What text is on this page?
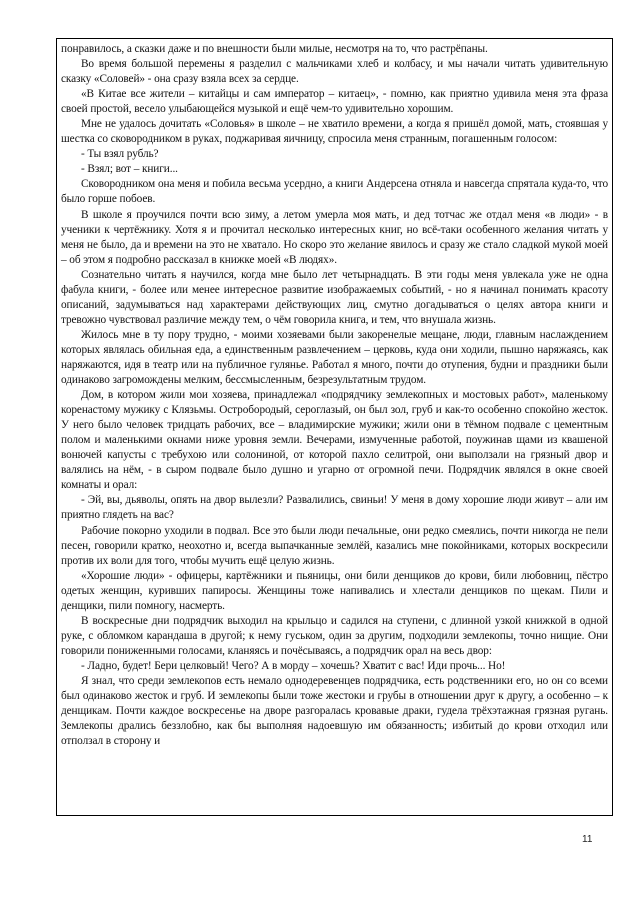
понравилось, а сказки даже и по внешности были милые, несмотря на то, что растрёпаны.

Во время большой перемены я разделил с мальчиками хлеб и колбасу, и мы начали читать удивительную сказку «Соловей» - она сразу взяла всех за сердце.

«В Китае все жители – китайцы и сам император – китаец», - помню, как приятно удивила меня эта фраза своей простой, весело улыбающейся музыкой и ещё чем-то удивительно хорошим.

Мне не удалось дочитать «Соловья» в школе – не хватило времени, а когда я пришёл домой, мать, стоявшая у шестка со сковородником в руках, поджаривая яичницу, спросила меня странным, погашенным голосом:

- Ты взял рубль?

- Взял; вот – книги...

Сковородником она меня и побила весьма усердно, а книги Андерсена отняла и навсегда спрятала куда-то, что было горше побоев.

В школе я проучился почти всю зиму, а летом умерла моя мать, и дед тотчас же отдал меня «в люди» - в ученики к чертёжнику. Хотя я и прочитал несколько интересных книг, но всё-таки особенного желания читать у меня не было, да и времени на это не хватало. Но скоро это желание явилось и сразу же стало сладкой мукой моей – об этом я подробно рассказал в книжке моей «В людях».

Сознательно читать я научился, когда мне было лет четырнадцать. В эти годы меня увлекала уже не одна фабула книги, - более или менее интересное развитие изображаемых событий, - но я начинал понимать красоту описаний, задумываться над характерами действующих лиц, смутно догадываться о целях автора книги и тревожно чувствовал различие между тем, о чём говорила книга, и тем, что внушала жизнь.

Жилось мне в ту пору трудно, - моими хозяевами были закоренелые мещане, люди, главным наслаждением которых являлась обильная еда, а единственным развлечением – церковь, куда они ходили, пышно наряжаясь, как наряжаются, идя в театр или на публичное гулянье. Работал я много, почти до отупения, будни и праздники были одинаково загромождены мелким, бессмысленным, безрезультатным трудом.

Дом, в котором жили мои хозяева, принадлежал «подрядчику землекопных и мостовых работ», маленькому коренастому мужику с Клязьмы. Остробородый, сероглазый, он был зол, груб и как-то особенно спокойно жесток. У него было человек тридцать рабочих, все – владимирские мужики; жили они в тёмном подвале с цементным полом и маленькими окнами ниже уровня земли. Вечерами, измученные работой, поужинав щами из квашеной вонючей капусты с требухою или солониной, от которой пахло селитрой, они выползали на грязный двор и валялись на нём, - в сыром подвале было душно и угарно от огромной печи. Подрядчик являлся в окне своей комнаты и орал:

- Эй, вы, дьяволы, опять на двор вылезли? Развалились, свиньи! У меня в дому хорошие люди живут – али им приятно глядеть на вас?

Рабочие покорно уходили в подвал. Все это были люди печальные, они редко смеялись, почти никогда не пели песен, говорили кратко, неохотно и, всегда выпачканные землёй, казались мне покойниками, которых воскресили против их воли для того, чтобы мучить ещё целую жизнь.

«Хорошие люди» - офицеры, картёжники и пьяницы, они били денщиков до крови, били любовниц, пёстро одетых женщин, куривших папиросы. Женщины тоже напивались и хлестали денщиков по щекам. Пили и денщики, пили помногу, насмерть.

В воскресные дни подрядчик выходил на крыльцо и садился на ступени, с длинной узкой книжкой в одной руке, с обломком карандаша в другой; к нему гуськом, один за другим, подходили землекопы, точно нищие. Они говорили пониженными голосами, кланяясь и почёсываясь, а подрядчик орал на весь двор:

- Ладно, будет! Бери целковый! Чего? А в морду – хочешь? Хватит с вас! Иди прочь... Но!

Я знал, что среди землекопов есть немало однодеревенцев подрядчика, есть родственники его, но он со всеми был одинаково жесток и груб. И землекопы были тоже жестоки и грубы в отношении друг к другу, а особенно – к денщикам. Почти каждое воскресенье на дворе разгоралась кровавые драки, гудела трёхэтажная грязная ругань. Землекопы дрались беззлобно, как бы выполняя надоевшую им обязанность; избитый до крови отходил или отползал в сторону и

11
